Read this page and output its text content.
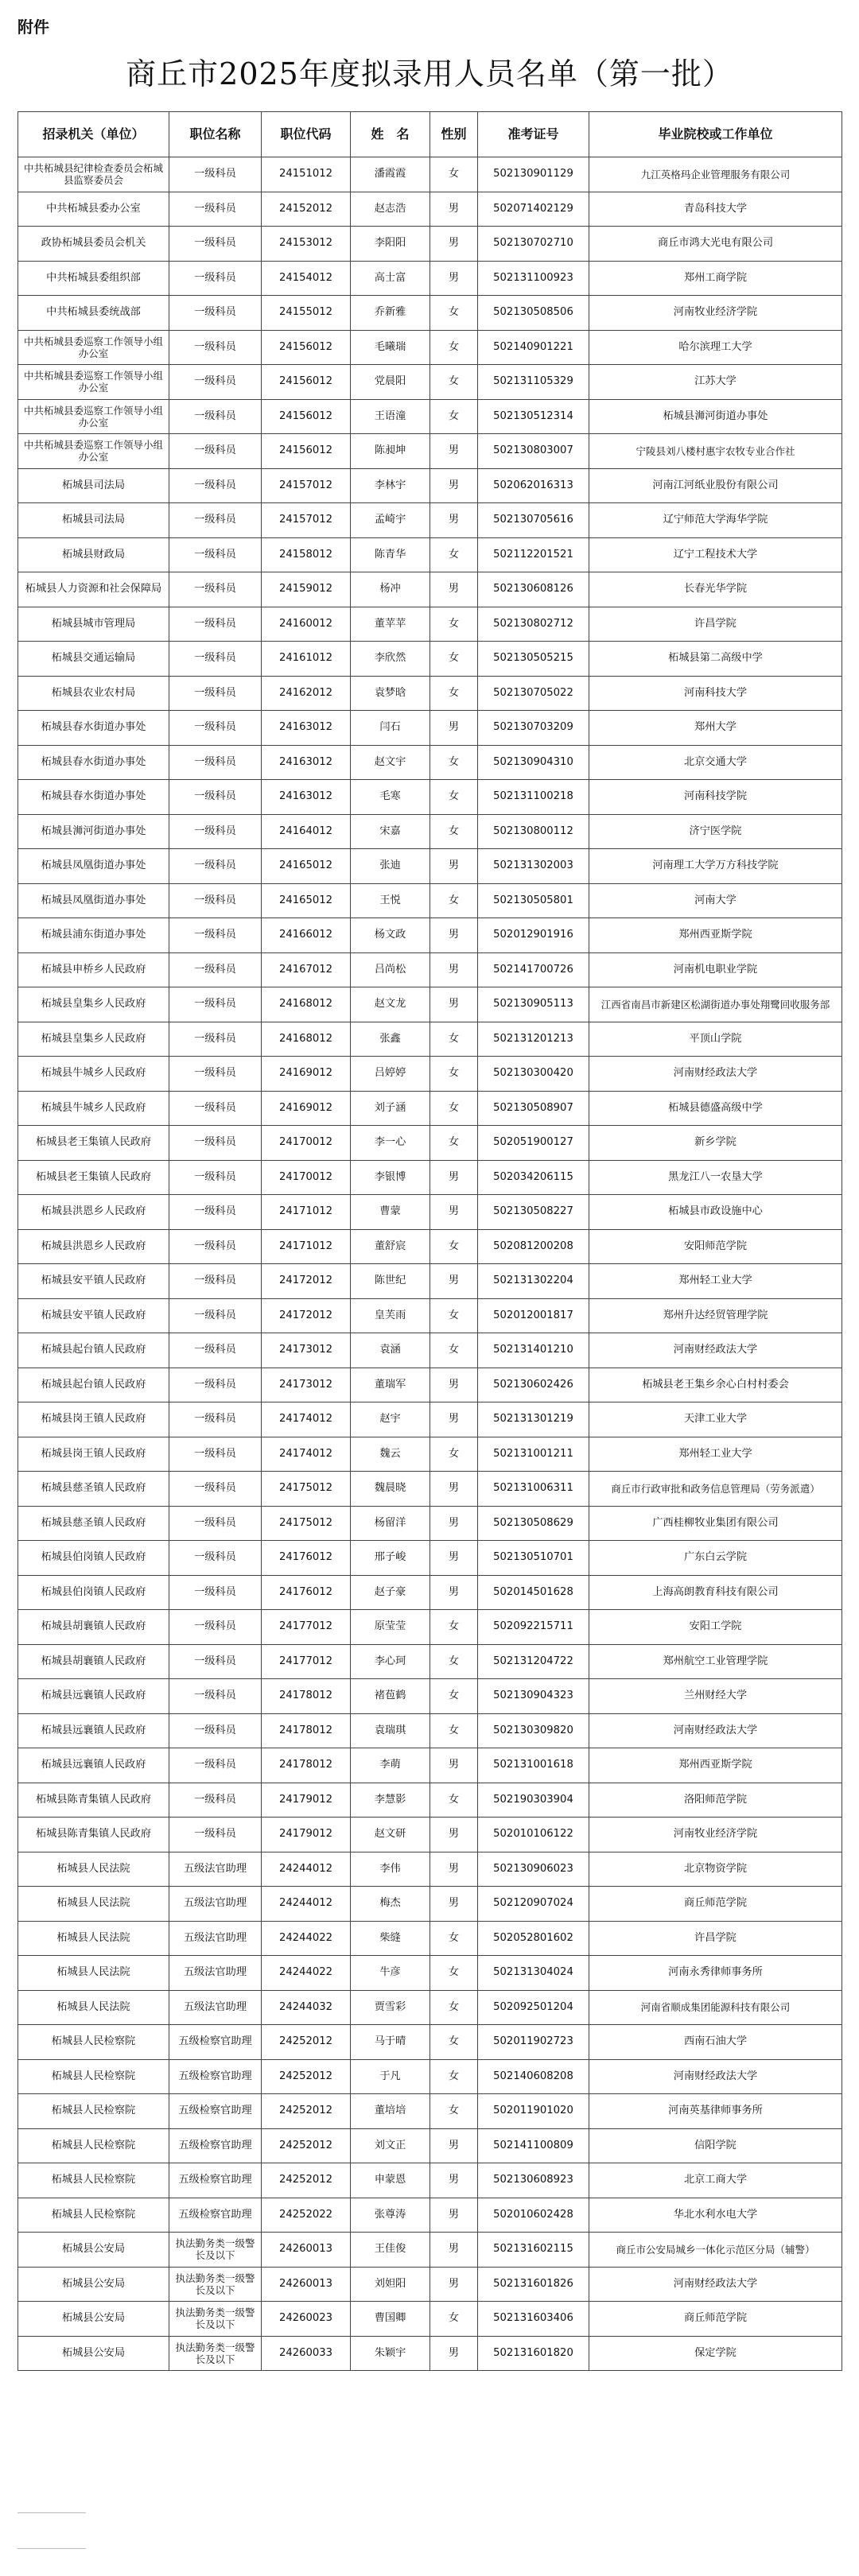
附件
商丘市2025年度拟录用人员名单（第一批）
招录机关（单位）	职位名称	职位代码	姓　名	性别	准考证号	毕业院校或工作单位
中共柘城县纪律检查委员会柘城县监察委员会	一级科员	24151012	潘霞霞	女	502130901129	九江英格玛企业管理服务有限公司
中共柘城县委办公室	一级科员	24152012	赵志浩	男	502071402129	青岛科技大学
政协柘城县委员会机关	一级科员	24153012	李阳阳	男	502130702710	商丘市鸿大光电有限公司
中共柘城县委组织部	一级科员	24154012	高士富	男	502131100923	郑州工商学院
中共柘城县委统战部	一级科员	24155012	乔新雅	女	502130508506	河南牧业经济学院
中共柘城县委巡察工作领导小组办公室	一级科员	24156012	毛曦瑞	女	502140901221	哈尔滨理工大学
中共柘城县委巡察工作领导小组办公室	一级科员	24156012	党晨阳	女	502131105329	江苏大学
中共柘城县委巡察工作领导小组办公室	一级科员	24156012	王语潼	女	502130512314	柘城县浉河街道办事处
中共柘城县委巡察工作领导小组办公室	一级科员	24156012	陈昶坤	男	502130803007	宁陵县刘八楼村惠宇农牧专业合作社
柘城县司法局	一级科员	24157012	李林宇	男	502062016313	河南江河纸业股份有限公司
柘城县司法局	一级科员	24157012	孟崎宇	男	502130705616	辽宁师范大学海华学院
柘城县财政局	一级科员	24158012	陈青华	女	502112201521	辽宁工程技术大学
柘城县人力资源和社会保障局	一级科员	24159012	杨冲	男	502130608126	长春光华学院
柘城县城市管理局	一级科员	24160012	董苹苹	女	502130802712	许昌学院
柘城县交通运输局	一级科员	24161012	李欣然	女	502130505215	柘城县第二高级中学
柘城县农业农村局	一级科员	24162012	袁梦晗	女	502130705022	河南科技大学
柘城县春水街道办事处	一级科员	24163012	闫石	男	502130703209	郑州大学
柘城县春水街道办事处	一级科员	24163012	赵文宇	女	502130904310	北京交通大学
柘城县春水街道办事处	一级科员	24163012	毛寒	女	502131100218	河南科技学院
柘城县浉河街道办事处	一级科员	24164012	宋嘉	女	502130800112	济宁医学院
柘城县凤凰街道办事处	一级科员	24165012	张迪	男	502131302003	河南理工大学万方科技学院
柘城县凤凰街道办事处	一级科员	24165012	王悦	女	502130505801	河南大学
柘城县浦东街道办事处	一级科员	24166012	杨文政	男	502012901916	郑州西亚斯学院
柘城县申桥乡人民政府	一级科员	24167012	吕尚松	男	502141700726	河南机电职业学院
柘城县皇集乡人民政府	一级科员	24168012	赵文龙	男	502130905113	江西省南昌市新建区松湖街道办事处翔鹭回收服务部
柘城县皇集乡人民政府	一级科员	24168012	张鑫	女	502131201213	平顶山学院
柘城县牛城乡人民政府	一级科员	24169012	吕婷婷	女	502130300420	河南财经政法大学
柘城县牛城乡人民政府	一级科员	24169012	刘子涵	女	502130508907	柘城县德盛高级中学
柘城县老王集镇人民政府	一级科员	24170012	李一心	女	502051900127	新乡学院
柘城县老王集镇人民政府	一级科员	24170012	李银博	男	502034206115	黑龙江八一农垦大学
柘城县洪恩乡人民政府	一级科员	24171012	曹蒙	男	502130508227	柘城县市政设施中心
柘城县洪恩乡人民政府	一级科员	24171012	董舒宸	女	502081200208	安阳师范学院
柘城县安平镇人民政府	一级科员	24172012	陈世纪	男	502131302204	郑州轻工业大学
柘城县安平镇人民政府	一级科员	24172012	皇芙雨	女	502012001817	郑州升达经贸管理学院
柘城县起台镇人民政府	一级科员	24173012	袁涵	女	502131401210	河南财经政法大学
柘城县起台镇人民政府	一级科员	24173012	董瑞军	男	502130602426	柘城县老王集乡余心白村村委会
柘城县岗王镇人民政府	一级科员	24174012	赵宇	男	502131301219	天津工业大学
柘城县岗王镇人民政府	一级科员	24174012	魏云	女	502131001211	郑州轻工业大学
柘城县慈圣镇人民政府	一级科员	24175012	魏晨晓	男	502131006311	商丘市行政审批和政务信息管理局（劳务派遣）
柘城县慈圣镇人民政府	一级科员	24175012	杨留洋	男	502130508629	广西桂柳牧业集团有限公司
柘城县伯岗镇人民政府	一级科员	24176012	邢子峻	男	502130510701	广东白云学院
柘城县伯岗镇人民政府	一级科员	24176012	赵子豪	男	502014501628	上海高朗教育科技有限公司
柘城县胡襄镇人民政府	一级科员	24177012	原莹莹	女	502092215711	安阳工学院
柘城县胡襄镇人民政府	一级科员	24177012	李心珂	女	502131204722	郑州航空工业管理学院
柘城县远襄镇人民政府	一级科员	24178012	褚苞鹤	女	502130904323	兰州财经大学
柘城县远襄镇人民政府	一级科员	24178012	袁瑞琪	女	502130309820	河南财经政法大学
柘城县远襄镇人民政府	一级科员	24178012	李萌	男	502131001618	郑州西亚斯学院
柘城县陈青集镇人民政府	一级科员	24179012	李慧影	女	502190303904	洛阳师范学院
柘城县陈青集镇人民政府	一级科员	24179012	赵文研	男	502010106122	河南牧业经济学院
柘城县人民法院	五级法官助理	24244012	李伟	男	502130906023	北京物资学院
柘城县人民法院	五级法官助理	24244012	梅杰	男	502120907024	商丘师范学院
柘城县人民法院	五级法官助理	24244022	柴缝	女	502052801602	许昌学院
柘城县人民法院	五级法官助理	24244022	牛彦	女	502131304024	河南永秀律师事务所
柘城县人民法院	五级法官助理	24244032	贾雪彩	女	502092501204	河南省顺成集团能源科技有限公司
柘城县人民检察院	五级检察官助理	24252012	马于晴	女	502011902723	西南石油大学
柘城县人民检察院	五级检察官助理	24252012	于凡	女	502140608208	河南财经政法大学
柘城县人民检察院	五级检察官助理	24252012	董培培	女	502011901020	河南英基律师事务所
柘城县人民检察院	五级检察官助理	24252012	刘文正	男	502141100809	信阳学院
柘城县人民检察院	五级检察官助理	24252012	申蒙恩	男	502130608923	北京工商大学
柘城县人民检察院	五级检察官助理	24252022	张尊涛	男	502010602428	华北水利水电大学
柘城县公安局	执法勤务类一级警长及以下	24260013	王佳俊	男	502131602115	商丘市公安局城乡一体化示范区分局（辅警）
柘城县公安局	执法勤务类一级警长及以下	24260013	刘妲阳	男	502131601826	河南财经政法大学
柘城县公安局	执法勤务类一级警长及以下	24260023	曹国卿	女	502131603406	商丘师范学院
柘城县公安局	执法勤务类一级警长及以下	24260033	朱颖宇	男	502131601820	保定学院
